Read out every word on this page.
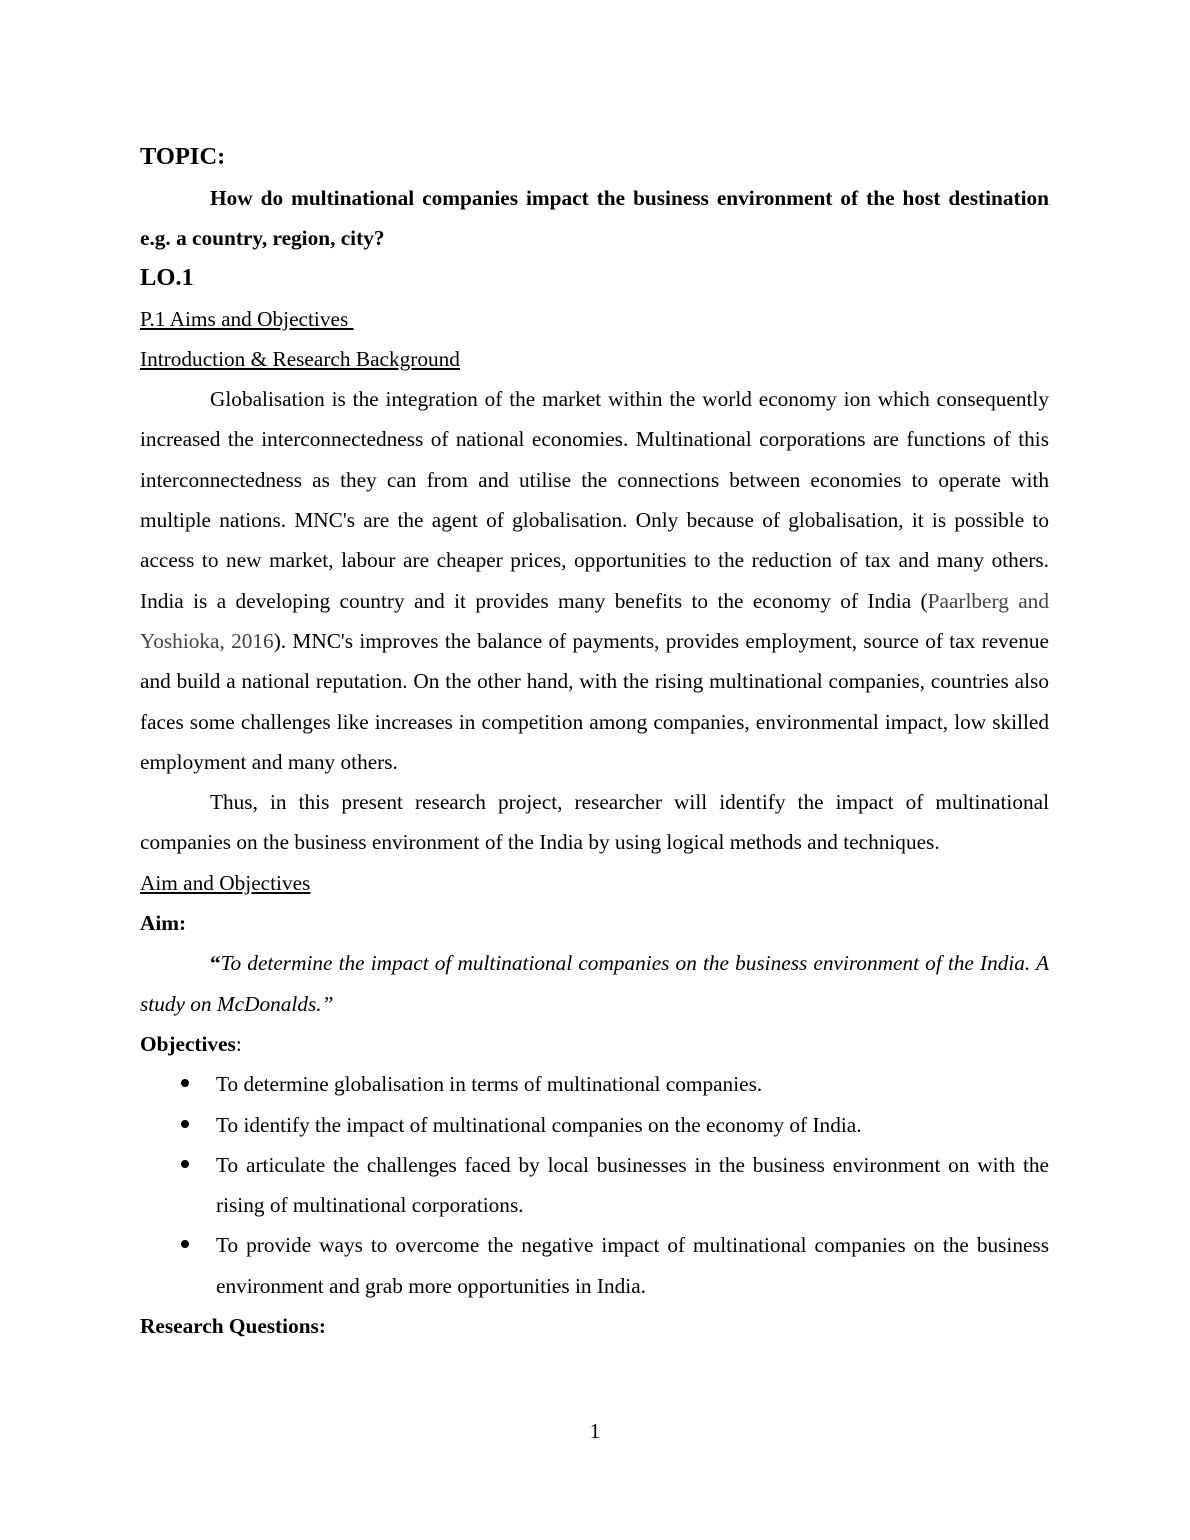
TOPIC:

How do multinational companies impact the business environment of the host destination e.g. a country, region, city?

LO.1

P.1 Aims and Objectives

Introduction & Research Background

Globalisation is the integration of the market within the world economy ion which consequently increased the interconnectedness of national economies. Multinational corporations are functions of this interconnectedness as they can from and utilise the connections between economies to operate with multiple nations. MNC's are the agent of globalisation. Only because of globalisation, it is possible to access to new market, labour are cheaper prices, opportunities to the reduction of tax and many others. India is a developing country and it provides many benefits to the economy of India (Paarlberg and Yoshioka, 2016). MNC's improves the balance of payments, provides employment, source of tax revenue and build a national reputation. On the other hand, with the rising multinational companies, countries also faces some challenges like increases in competition among companies, environmental impact, low skilled employment and many others.

Thus, in this present research project, researcher will identify the impact of multinational companies on the business environment of the India by using logical methods and techniques.

Aim and Objectives

Aim:

“To determine the impact of multinational companies on the business environment of the India. A study on McDonalds.”

Objectives:

To determine globalisation in terms of multinational companies.
To identify the impact of multinational companies on the economy of India.
To articulate the challenges faced by local businesses in the business environment on with the rising of multinational corporations.
To provide ways to overcome the negative impact of multinational companies on the business environment and grab more opportunities in India.

Research Questions:

1
